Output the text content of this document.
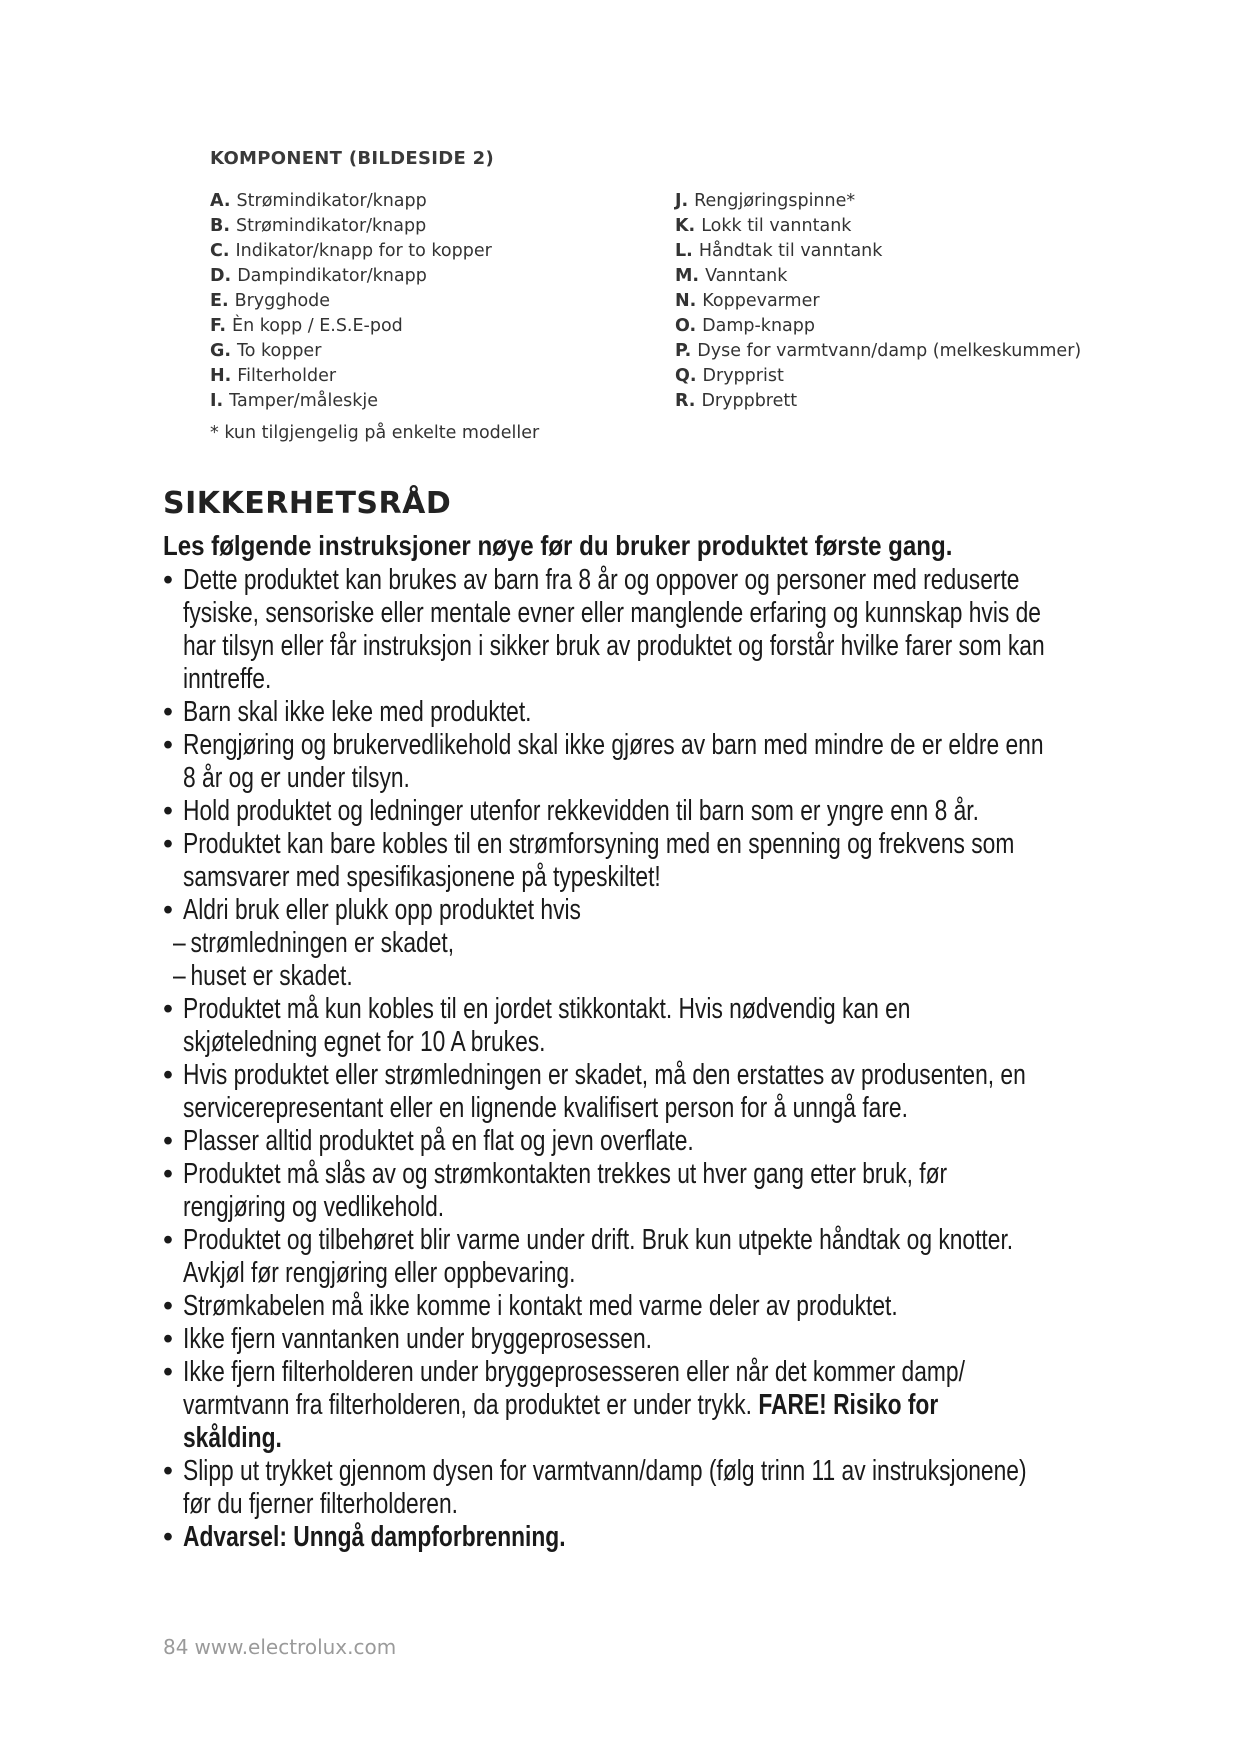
KOMPONENT (BILDESIDE 2)
A. Strømindikator/knapp
B. Strømindikator/knapp
C. Indikator/knapp for to kopper
D. Dampindikator/knapp
E. Brygghode
F. Èn kopp / E.S.E-pod
G. To kopper
H. Filterholder
I. Tamper/måleskje
J. Rengjøringspinne*
K. Lokk til vanntank
L. Håndtak til vanntank
M. Vanntank
N. Koppevarmer
O. Damp-knapp
P. Dyse for varmtvann/damp (melkeskummer)
Q. Drypprist
R. Dryppbrett
* kun tilgjengelig på enkelte modeller
SIKKERHETSRÅD
Les følgende instruksjoner nøye før du bruker produktet første gang.
• Dette produktet kan brukes av barn fra 8 år og oppover og personer med reduserte
fysiske, sensoriske eller mentale evner eller manglende erfaring og kunnskap hvis de
har tilsyn eller får instruksjon i sikker bruk av produktet og forstår hvilke farer som kan
inntreffe.
• Barn skal ikke leke med produktet.
• Rengjøring og brukervedlikehold skal ikke gjøres av barn med mindre de er eldre enn
8 år og er under tilsyn.
• Hold produktet og ledninger utenfor rekkevidden til barn som er yngre enn 8 år.
• Produktet kan bare kobles til en strømforsyning med en spenning og frekvens som
samsvarer med spesifikasjonene på typeskiltet!
• Aldri bruk eller plukk opp produktet hvis
– strømledningen er skadet,
– huset er skadet.
• Produktet må kun kobles til en jordet stikkontakt. Hvis nødvendig kan en
skjøteledning egnet for 10 A brukes.
• Hvis produktet eller strømledningen er skadet, må den erstattes av produsenten, en
servicerepresentant eller en lignende kvalifisert person for å unngå fare.
• Plasser alltid produktet på en flat og jevn overflate.
• Produktet må slås av og strømkontakten trekkes ut hver gang etter bruk, før
rengjøring og vedlikehold.
• Produktet og tilbehøret blir varme under drift. Bruk kun utpekte håndtak og knotter.
Avkjøl før rengjøring eller oppbevaring.
• Strømkabelen må ikke komme i kontakt med varme deler av produktet.
• Ikke fjern vanntanken under bryggeprosessen.
• Ikke fjern filterholderen under bryggeprosesseren eller når det kommer damp/
varmtvann fra filterholderen, da produktet er under trykk. FARE! Risiko for
skålding.
• Slipp ut trykket gjennom dysen for varmtvann/damp (følg trinn 11 av instruksjonene)
før du fjerner filterholderen.
• Advarsel: Unngå dampforbrenning.
84 www.electrolux.com
